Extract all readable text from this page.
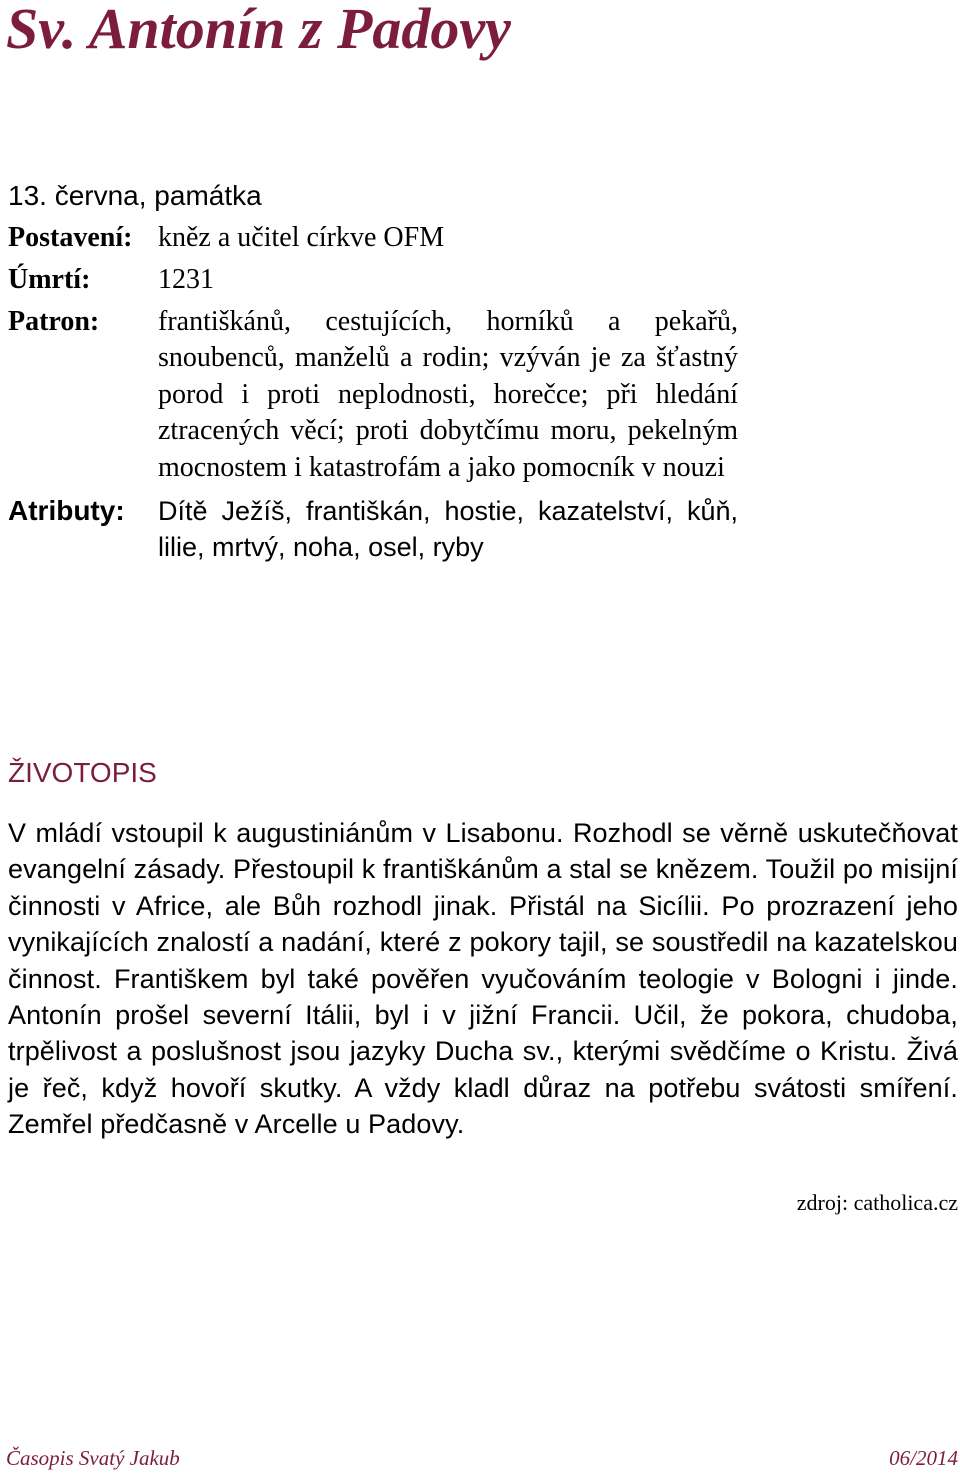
Sv. Antonín z Padovy
13. června, památka
Postavení: kněz a učitel církve OFM
Úmrtí:	1231
Patron:	františkánů, cestujících, horníků a pekařů, snoubenců, manželů a rodin; vzýván je za šťastný porod i proti neplodnosti, horečce; při hledání ztracených věcí; proti dobytčímu moru, pekelným mocnostem i katastrofám a jako pomocník v nouzi
Atributy:	Dítě Ježíš, františkán, hostie, kazatelství, kůň, lilie, mrtvý, noha, osel, ryby
ŽIVOTOPIS

V mládí vstoupil k augustiniánům v Lisabonu. Rozhodl se věrně uskutečňovat evangelní zásady. Přestoupil k františkánům a stal se knězem. Toužil po misijní činnosti v Africe, ale Bůh rozhodl jinak. Přistál na Sicílii. Po prozrazení jeho vynikajících znalostí a nadání, které z pokory tajil, se soustředil na kazatelskou činnost. Františkem byl také pověřen vyučováním teologie v Bologni i jinde. Antonín prošel severní Itálii, byl i v jižní Francii. Učil, že pokora, chudoba, trpělivost a poslušnost jsou jazyky Ducha sv., kterými svědčíme o Kristu. Živá je řeč, když hovoří skutky. A vždy kladl důraz na potřebu svátosti smíření. Zemřel předčasně v Arcelle u Padovy.

zdroj: catholica.cz
Časopis Svatý Jakub	06/2014
